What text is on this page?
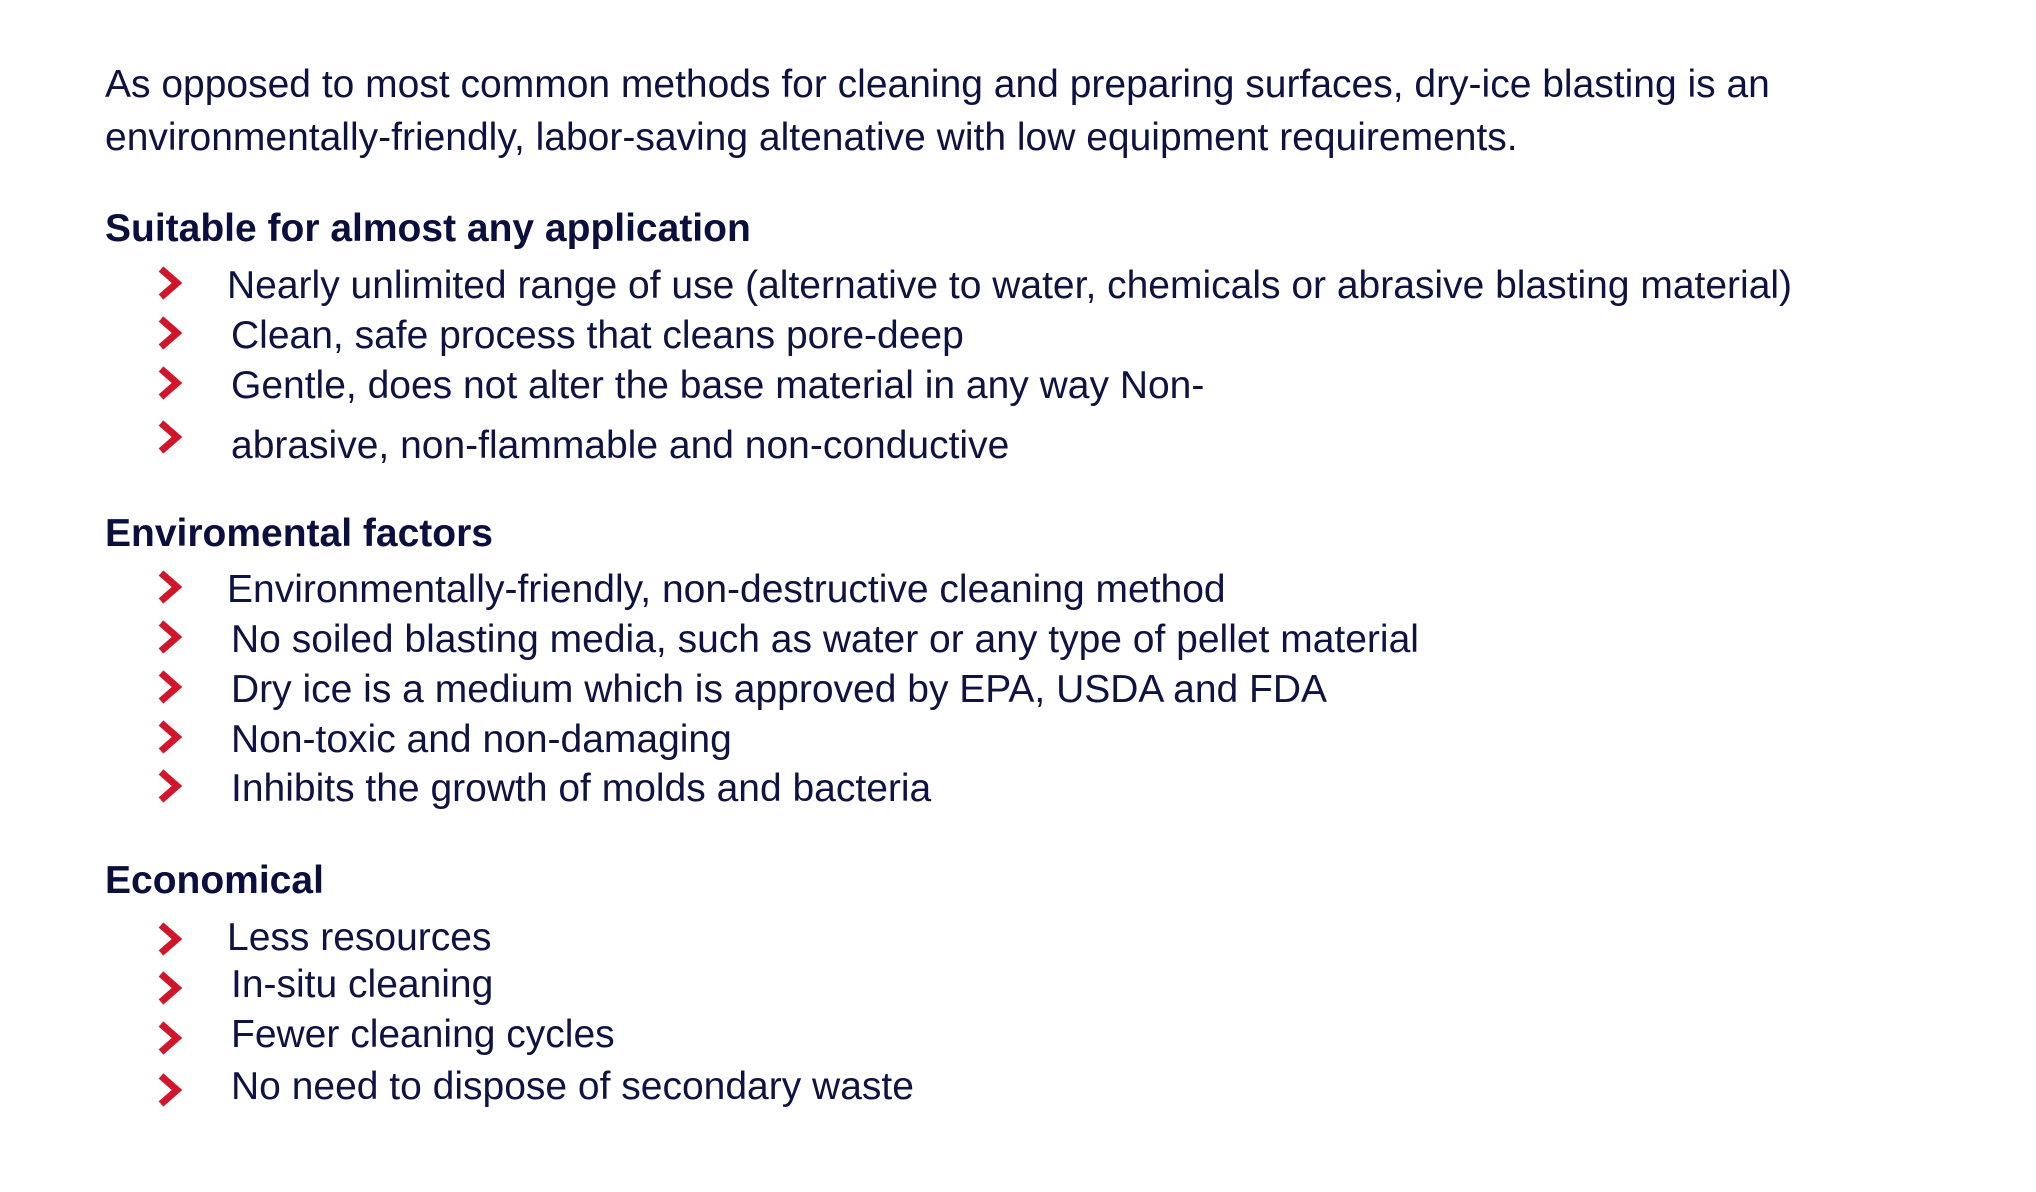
As opposed to most common methods for cleaning and preparing surfaces, dry-ice blasting is an environmentally-friendly, labor-saving altenative with low equipment requirements.

Suitable for almost any application
Nearly unlimited range of use (alternative to water, chemicals or abrasive blasting material)
Clean, safe process that cleans pore-deep
Gentle, does not alter the base material in any way Non-
abrasive, non-flammable and non-conductive
Enviromental factors
Environmentally-friendly, non-destructive cleaning method
No soiled blasting media, such as water or any type of pellet material
Dry ice is a medium which is approved by EPA, USDA and FDA
Non-toxic and non-damaging
Inhibits the growth of molds and bacteria
Economical
Less resources
In-situ cleaning
Fewer cleaning cycles
No need to dispose of secondary waste
